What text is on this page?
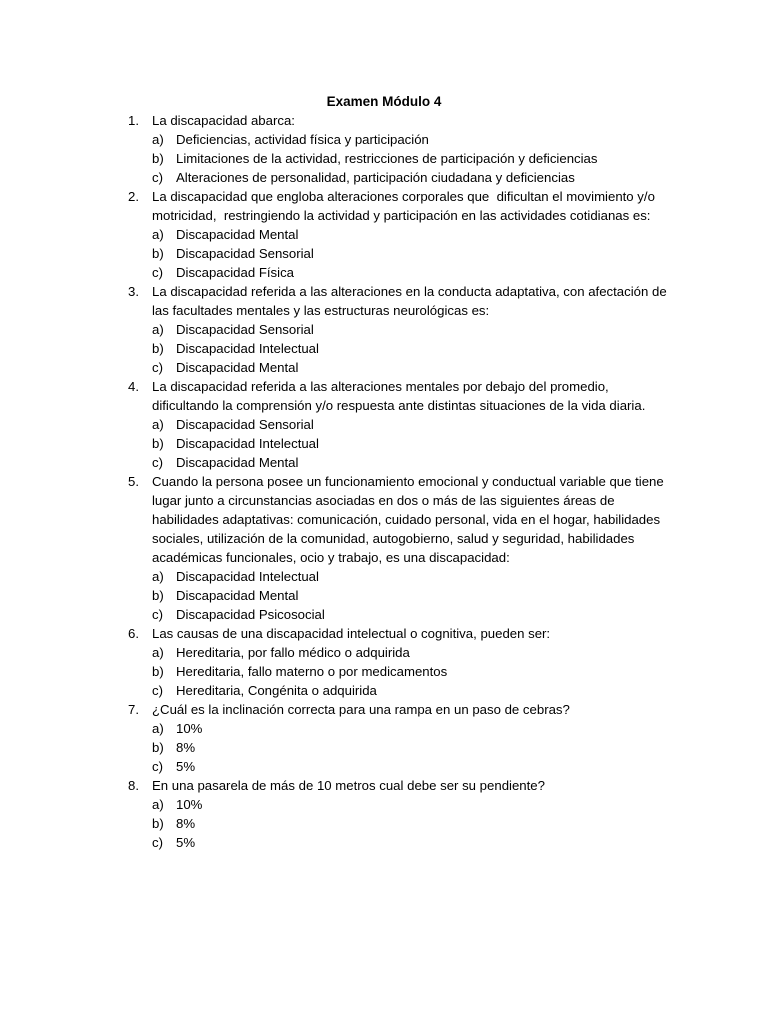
Examen Módulo 4
1. La discapacidad abarca:
a) Deficiencias, actividad física y participación
b) Limitaciones de la actividad, restricciones de participación y deficiencias
c) Alteraciones de personalidad, participación ciudadana y deficiencias
2. La discapacidad que engloba alteraciones corporales que  dificultan el movimiento y/o motricidad,  restringiendo la actividad y participación en las actividades cotidianas es:
a) Discapacidad Mental
b) Discapacidad Sensorial
c) Discapacidad Física
3. La discapacidad referida a las alteraciones en la conducta adaptativa, con afectación de las facultades mentales y las estructuras neurológicas es:
a) Discapacidad Sensorial
b) Discapacidad Intelectual
c) Discapacidad Mental
4. La discapacidad referida a las alteraciones mentales por debajo del promedio, dificultando la comprensión y/o respuesta ante distintas situaciones de la vida diaria.
a) Discapacidad Sensorial
b) Discapacidad Intelectual
c) Discapacidad Mental
5. Cuando la persona posee un funcionamiento emocional y conductual variable que tiene lugar junto a circunstancias asociadas en dos o más de las siguientes áreas de habilidades adaptativas: comunicación, cuidado personal, vida en el hogar, habilidades sociales, utilización de la comunidad, autogobierno, salud y seguridad, habilidades académicas funcionales, ocio y trabajo, es una discapacidad:
a) Discapacidad Intelectual
b) Discapacidad Mental
c) Discapacidad Psicosocial
6. Las causas de una discapacidad intelectual o cognitiva, pueden ser:
a) Hereditaria, por fallo médico o adquirida
b) Hereditaria, fallo materno o por medicamentos
c) Hereditaria, Congénita o adquirida
7. ¿Cuál es la inclinación correcta para una rampa en un paso de cebras?
a) 10%
b) 8%
c) 5%
8. En una pasarela de más de 10 metros cual debe ser su pendiente?
a) 10%
b) 8%
c) 5%
